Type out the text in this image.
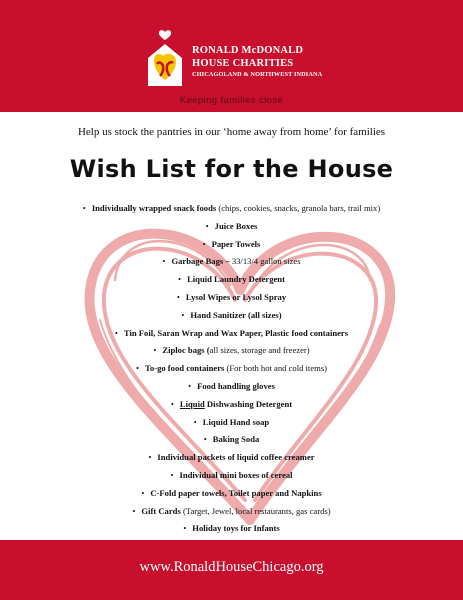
RONALD McDONALD
HOUSE CHARITIES
CHICAGOLAND & NORTHWEST INDIANA
Keeping families close
Help us stock the pantries in our ‘home away from home’ for families
Wish List for the House
• Individually wrapped snack foods (chips, cookies, snacks, granola bars, trail mix)
• Juice Boxes
• Paper Towels
• Garbage Bags – 33/13/4 gallon sizes
• Liquid Laundry Detergent
• Lysol Wipes or Lysol Spray
• Hand Sanitizer (all sizes)
• Tin Foil, Saran Wrap and Wax Paper, Plastic food containers
• Ziploc bags (all sizes, storage and freezer)
• To-go food containers (For both hot and cold items)
• Food handling gloves
• Liquid Dishwashing Detergent
• Liquid Hand soap
• Baking Soda
• Individual packets of liquid coffee creamer
• Individual mini boxes of cereal
• C-Fold paper towels, Toilet paper and Napkins
• Gift Cards (Target, Jewel, local restaurants, gas cards)
• Holiday toys for Infants
www.RonaldHouseChicago.org
